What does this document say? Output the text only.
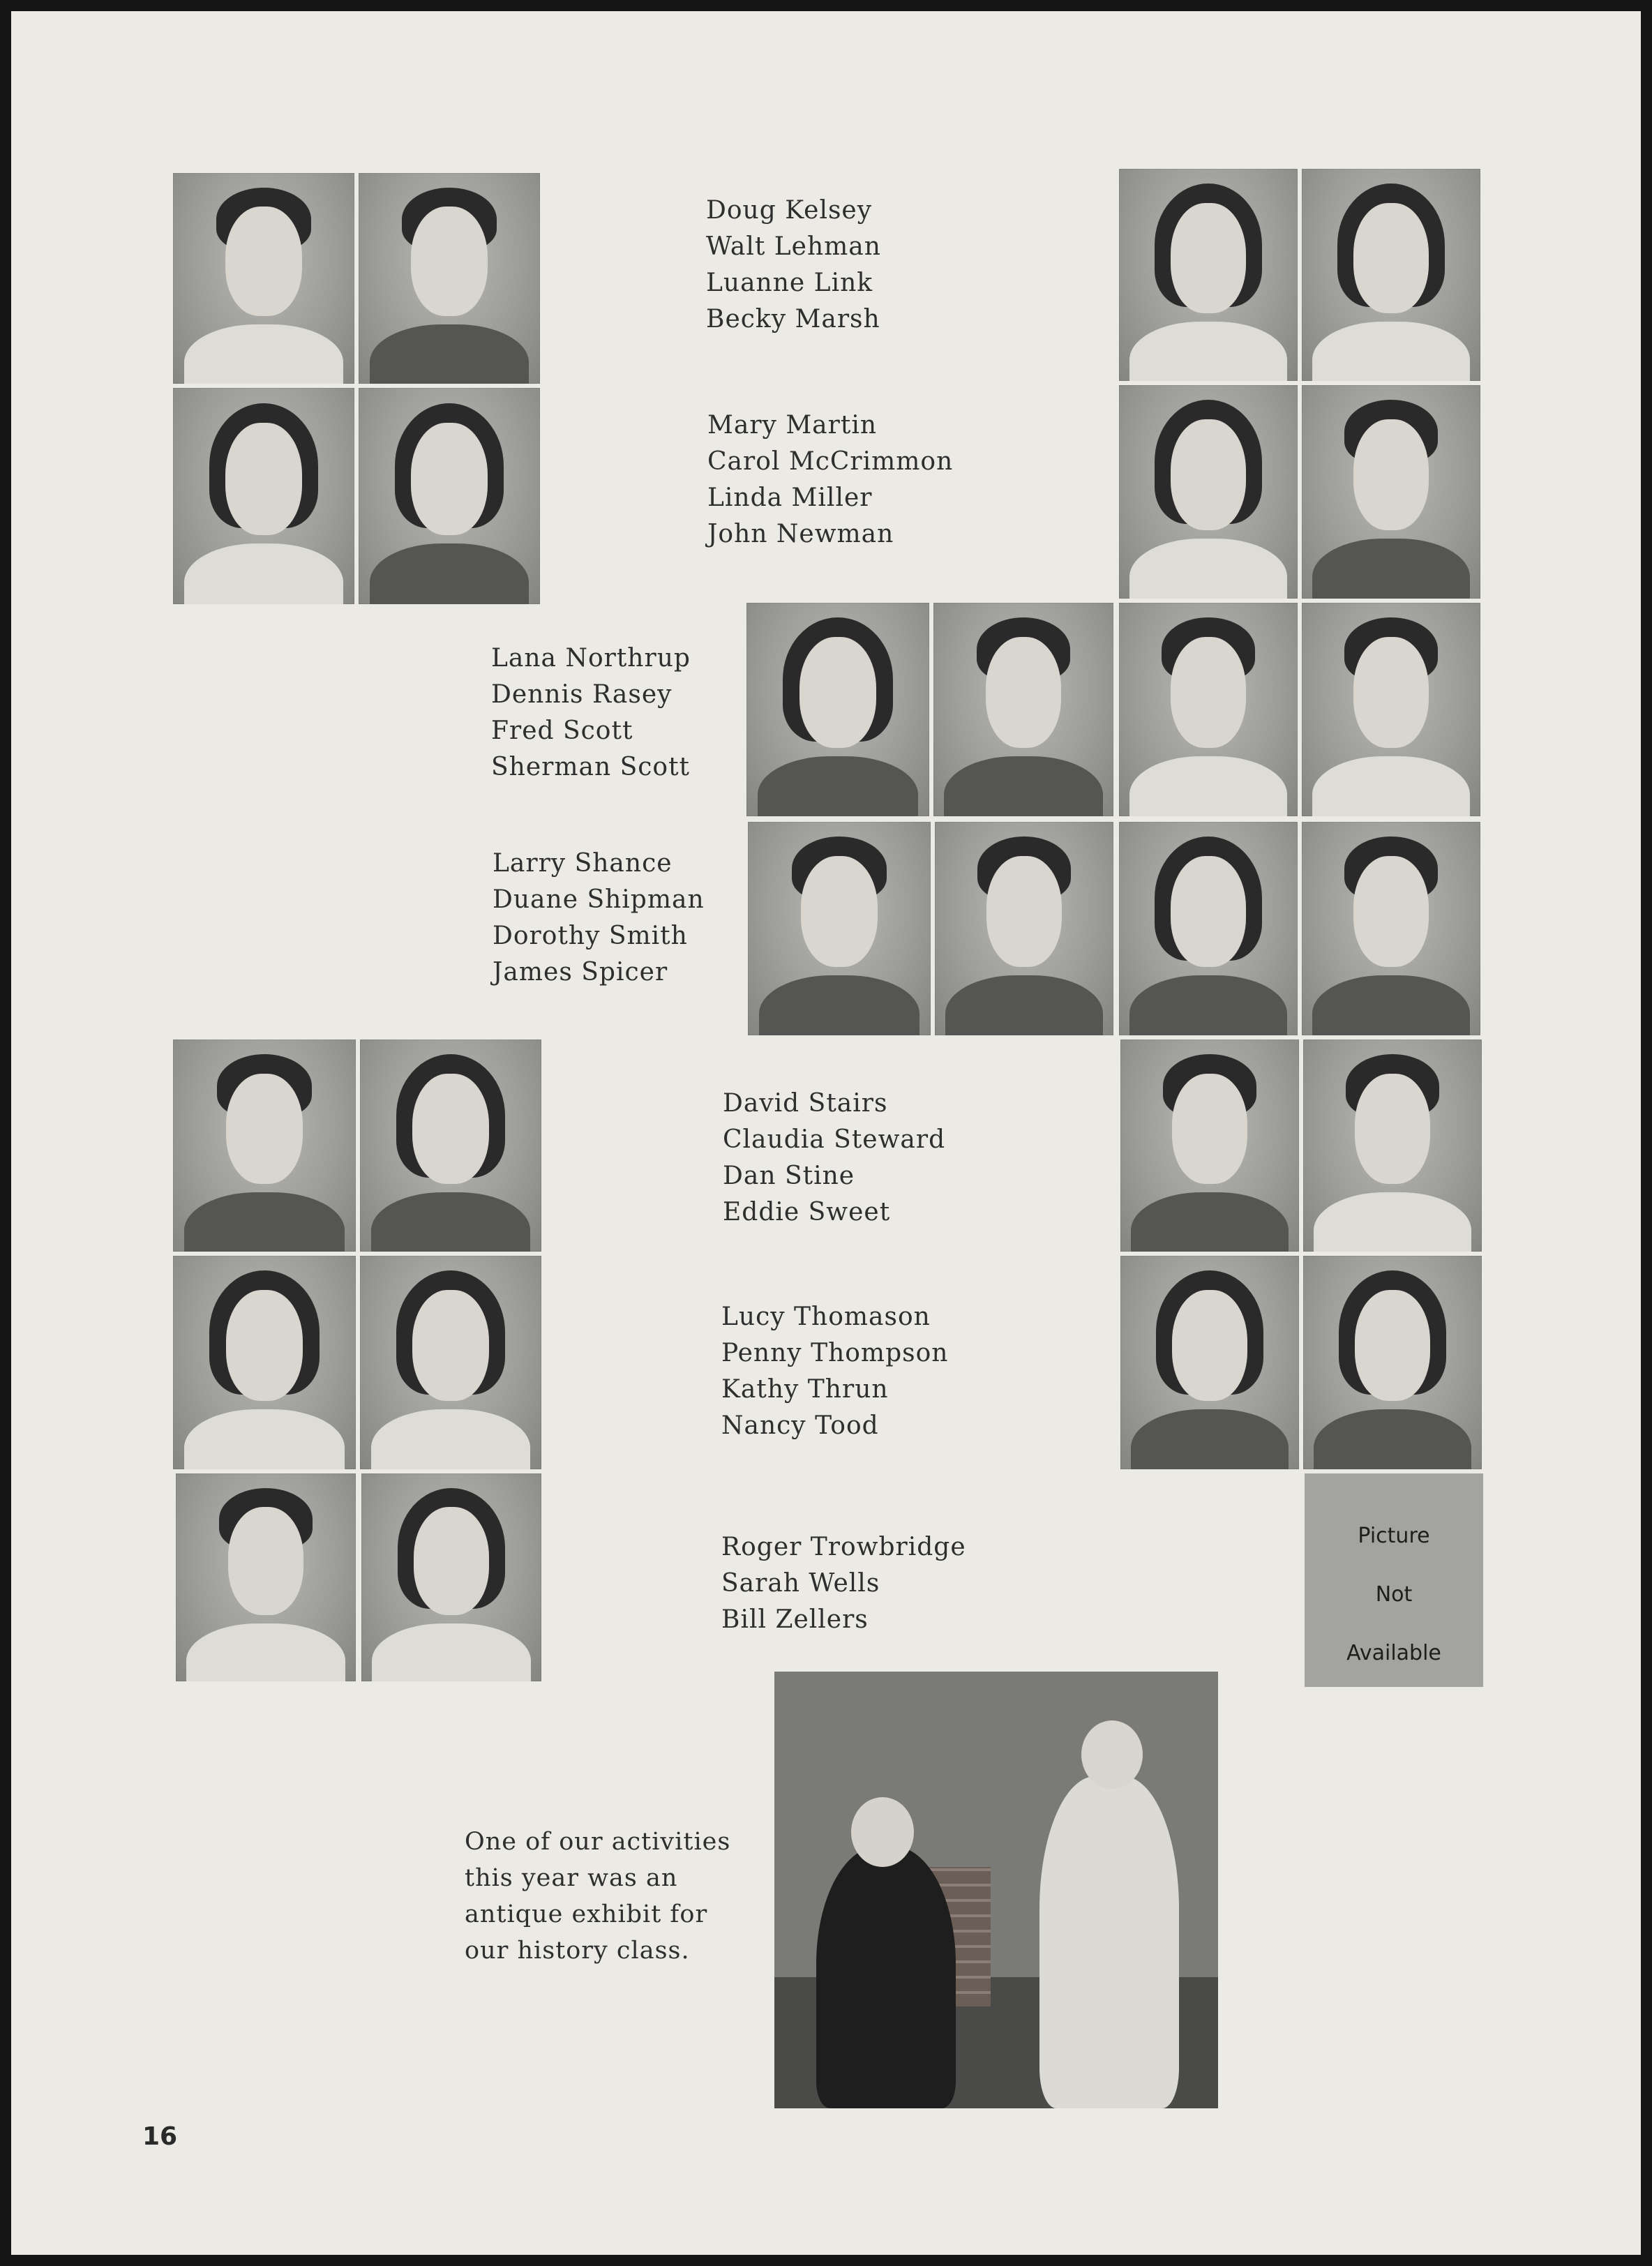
Doug Kelsey
Walt Lehman
Luanne Link
Becky Marsh
Mary Martin
Carol McCrimmon
Linda Miller
John Newman
Lana Northrup
Dennis Rasey
Fred Scott
Sherman Scott
Larry Shance
Duane Shipman
Dorothy Smith
James Spicer
David Stairs
Claudia Steward
Dan Stine
Eddie Sweet
Lucy Thomason
Penny Thompson
Kathy Thrun
Nancy Tood

Picture

Not

Available

Roger Trowbridge
Sarah Wells
Bill Zellers
One of our activities
this year was an
antique exhibit for
our history class.
16
